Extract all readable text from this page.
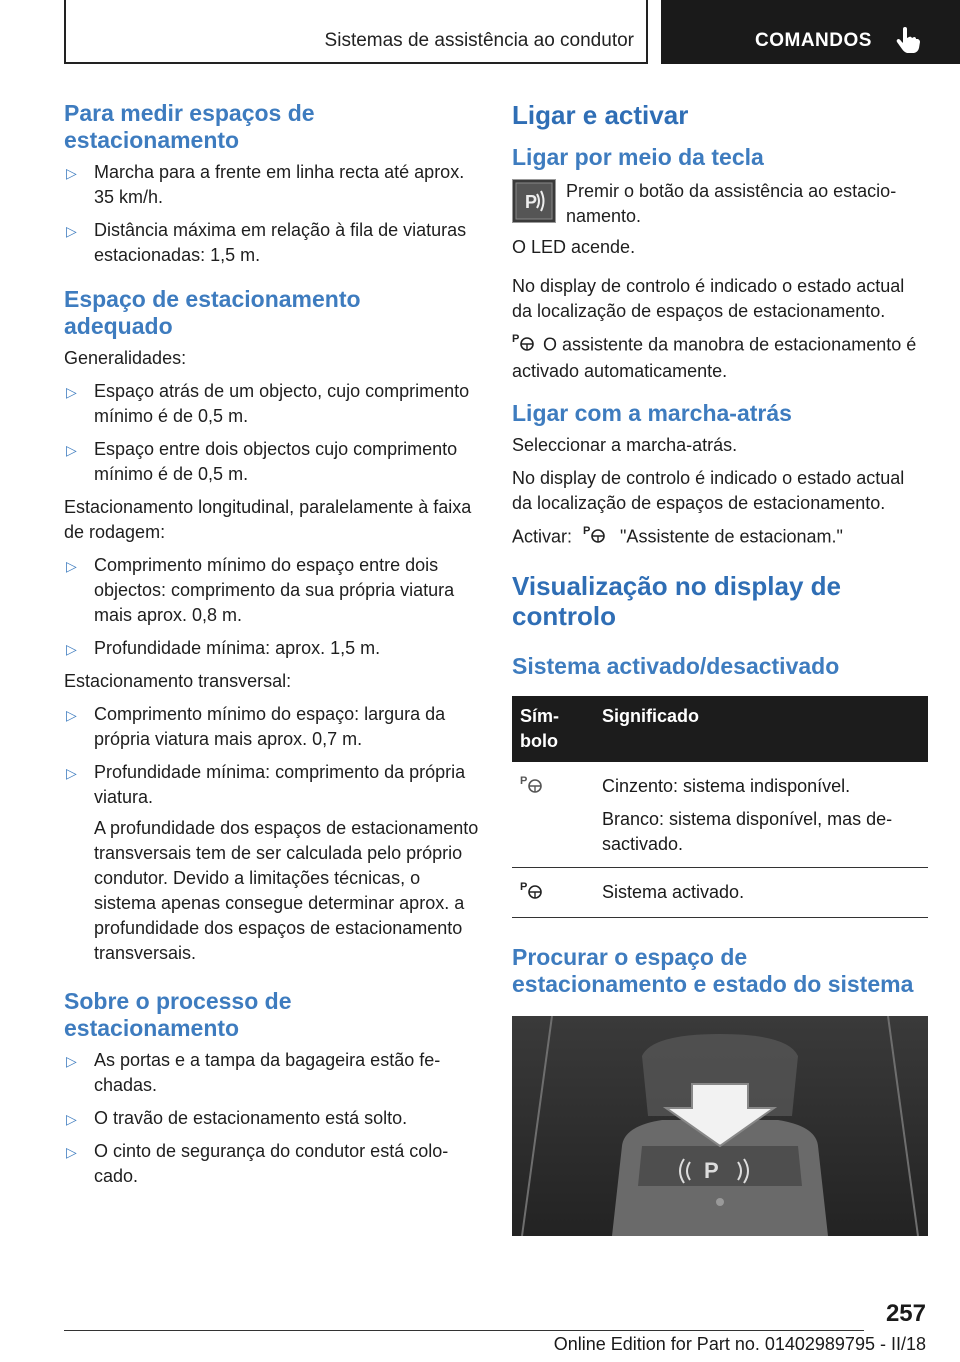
Sistemas de assistência ao condutor	COMANDOS
Para medir espaços de estacionamento
▷ Marcha para a frente em linha recta até aprox. 35 km/h.
▷ Distância máxima em relação à fila de viaturas estacionadas: 1,5 m.
Espaço de estacionamento adequado

Generalidades:

▷ Espaço atrás de um objecto, cujo comprimento mínimo é de 0,5 m.
▷ Espaço entre dois objectos cujo comprimento mínimo é de 0,5 m.

Estacionamento longitudinal, paralelamente à faixa de rodagem:

▷ Comprimento mínimo do espaço entre dois objectos: comprimento da sua própria viatura mais aprox. 0,8 m.
▷ Profundidade mínima: aprox. 1,5 m.

Estacionamento transversal:

▷ Comprimento mínimo do espaço: largura da própria viatura mais aprox. 0,7 m.
▷ Profundidade mínima: comprimento da própria viatura.

A profundidade dos espaços de estacionamento transversais tem de ser calculada pelo próprio condutor. Devido a limitações técnicas, o sistema apenas consegue determinar aprox. a profundidade dos espaços de estacionamento transversais.

Sobre o processo de estacionamento
▷ As portas e a tampa da bagageira estão fechadas.
▷ O travão de estacionamento está solto.
▷ O cinto de segurança do condutor está colocado.
Ligar e activar
Ligar por meio da tecla
P

Premir o botão da assistência ao estacionamento.

O LED acende.

No display de controlo é indicado o estado actual da localização de espaços de estacionamento.

P O assistente da manobra de estacionamento é activado automaticamente.

Ligar com a marcha-atrás

Seleccionar a marcha-atrás.

No display de controlo é indicado o estado actual da localização de espaços de estacionamento.

Activar: P "Assistente de estacionam."

Visualização no display de controlo
Sistema activado/desactivado
Símbolo	Significado

P	Cinzento: sistema indisponível.
Branco: sistema disponível, mas desactivado.

P	Sistema activado.
Procurar o espaço de estacionamento e estado do sistema
P
257
Online Edition for Part no. 01402989795 - II/18
